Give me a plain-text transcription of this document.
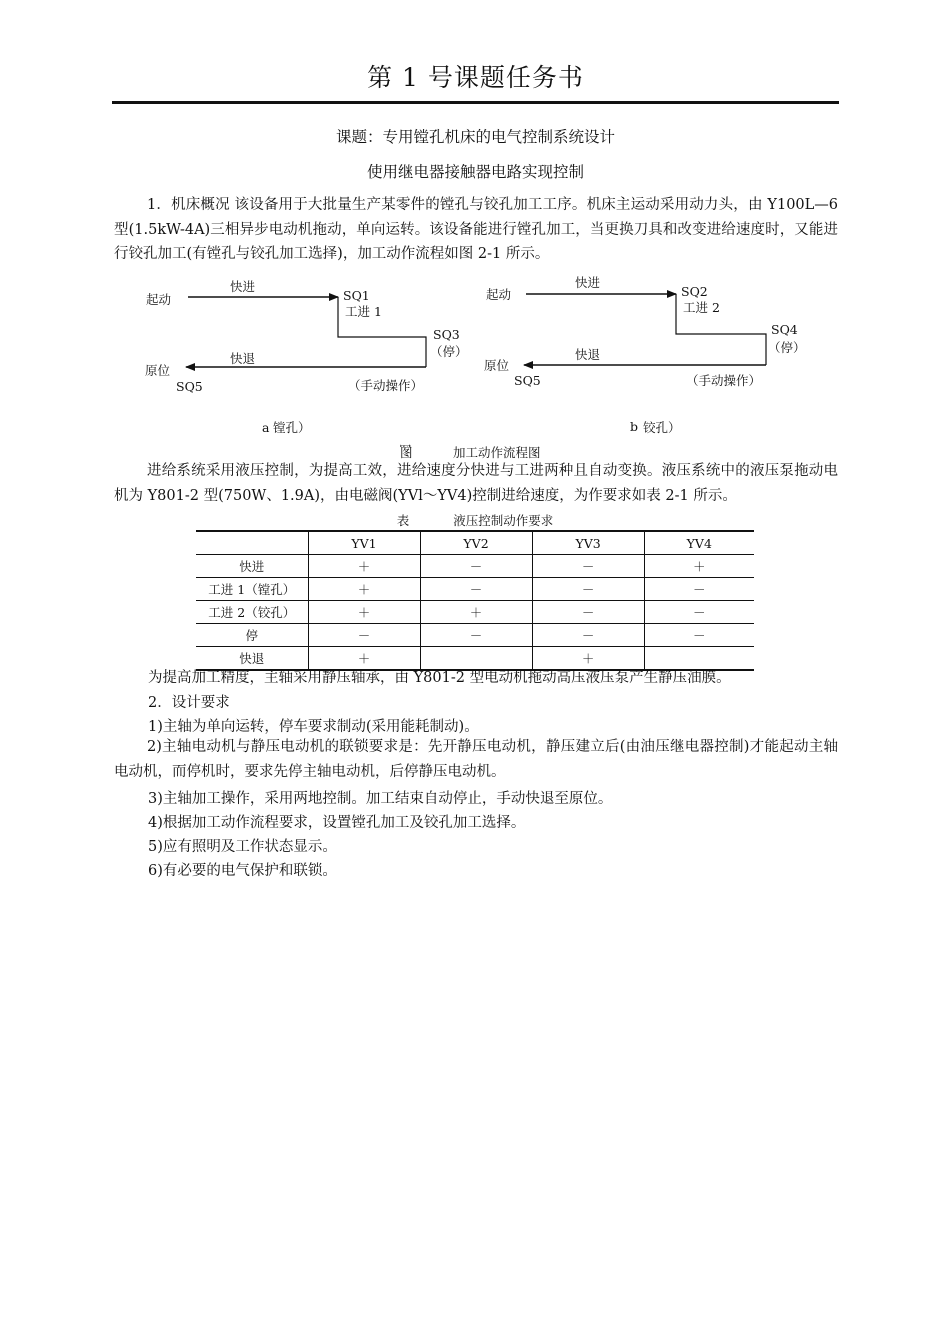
第 1 号课题任务书
课题：专用镗孔机床的电气控制系统设计
使用继电器接触器电路实现控制

1．机床概况 该设备用于大批量生产某零件的镗孔与铰孔加工工序。机床主运动采用动力头，由 Y100L—6 型(1.5kW-4A)三相异步电动机拖动，单向运转。该设备能进行镗孔加工，当更换刀具和改变进给速度时，又能进行铰孔加工(有镗孔与铰孔加工选择)，加工动作流程如图 2-1 所示。

起动
快进
SQ1
工进 1
SQ3
（停）
快退
原位
SQ5	（手动操作）
a 镗孔）
起动
快进
SQ2
工进 2
SQ4
（停）
快退
原位
SQ5	（手动操作）
b 铰孔）
图	加工动作流程图

进给系统采用液压控制，为提高工效，进给速度分快进与工进两种且自动变换。液压系统中的液压泵拖动电机为 Y801-2 型(750W、1.9A)，由电磁阀(YVl～YV4)控制进给速度，为作要求如表 2-1 所示。

表	液压控制动作要求
	YV1	YV2	YV3	YV4
快进	＋	－	－	＋
工进 1（镗孔）	＋	－	－	－
工进 2（铰孔）	＋	＋	－	－
停	－	－	－	－
快退	＋		＋	
为提高加工精度，主轴采用静压轴承，由 Y801-2 型电动机拖动高压液压泵产生静压油膜。
2．设计要求
1)主轴为单向运转，停车要求制动(采用能耗制动)。

2)主轴电动机与静压电动机的联锁要求是：先开静压电动机，静压建立后(由油压继电器控制)才能起动主轴电动机，而停机时，要求先停主轴电动机，后停静压电动机。

3)主轴加工操作，采用两地控制。加工结束自动停止，手动快退至原位。
4)根据加工动作流程要求，设置镗孔加工及铰孔加工选择。
5)应有照明及工作状态显示。
6)有必要的电气保护和联锁。
